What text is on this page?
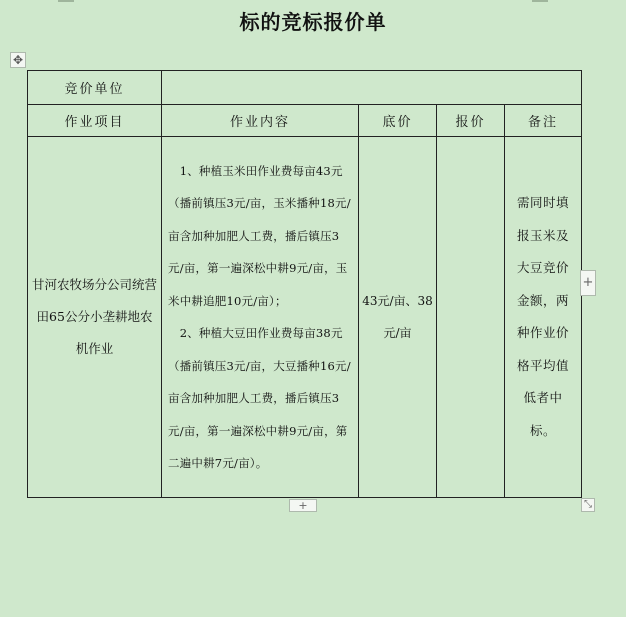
标的竞标报价单
✥
竞价单位				
作业项目	作业内容	底价	报价	备注

甘河农牧场分公司统营田65公分小垄耕地农机作业	　1、种植玉米田作业费每亩43元（播前镇压3元/亩，玉米播种18元/亩含加种加肥人工费，播后镇压3元/亩，第一遍深松中耕9元/亩，玉米中耕追肥10元/亩）；
　2、种植大豆田作业费每亩38元（播前镇压3元/亩，大豆播种16元/亩含加种加肥人工费，播后镇压3元/亩，第一遍深松中耕9元/亩，第二遍中耕7元/亩）。	43元/亩、38元/亩		需同时填报玉米及大豆竞价金额，两种作业价格平均值低者中标。
+
+	⤡
